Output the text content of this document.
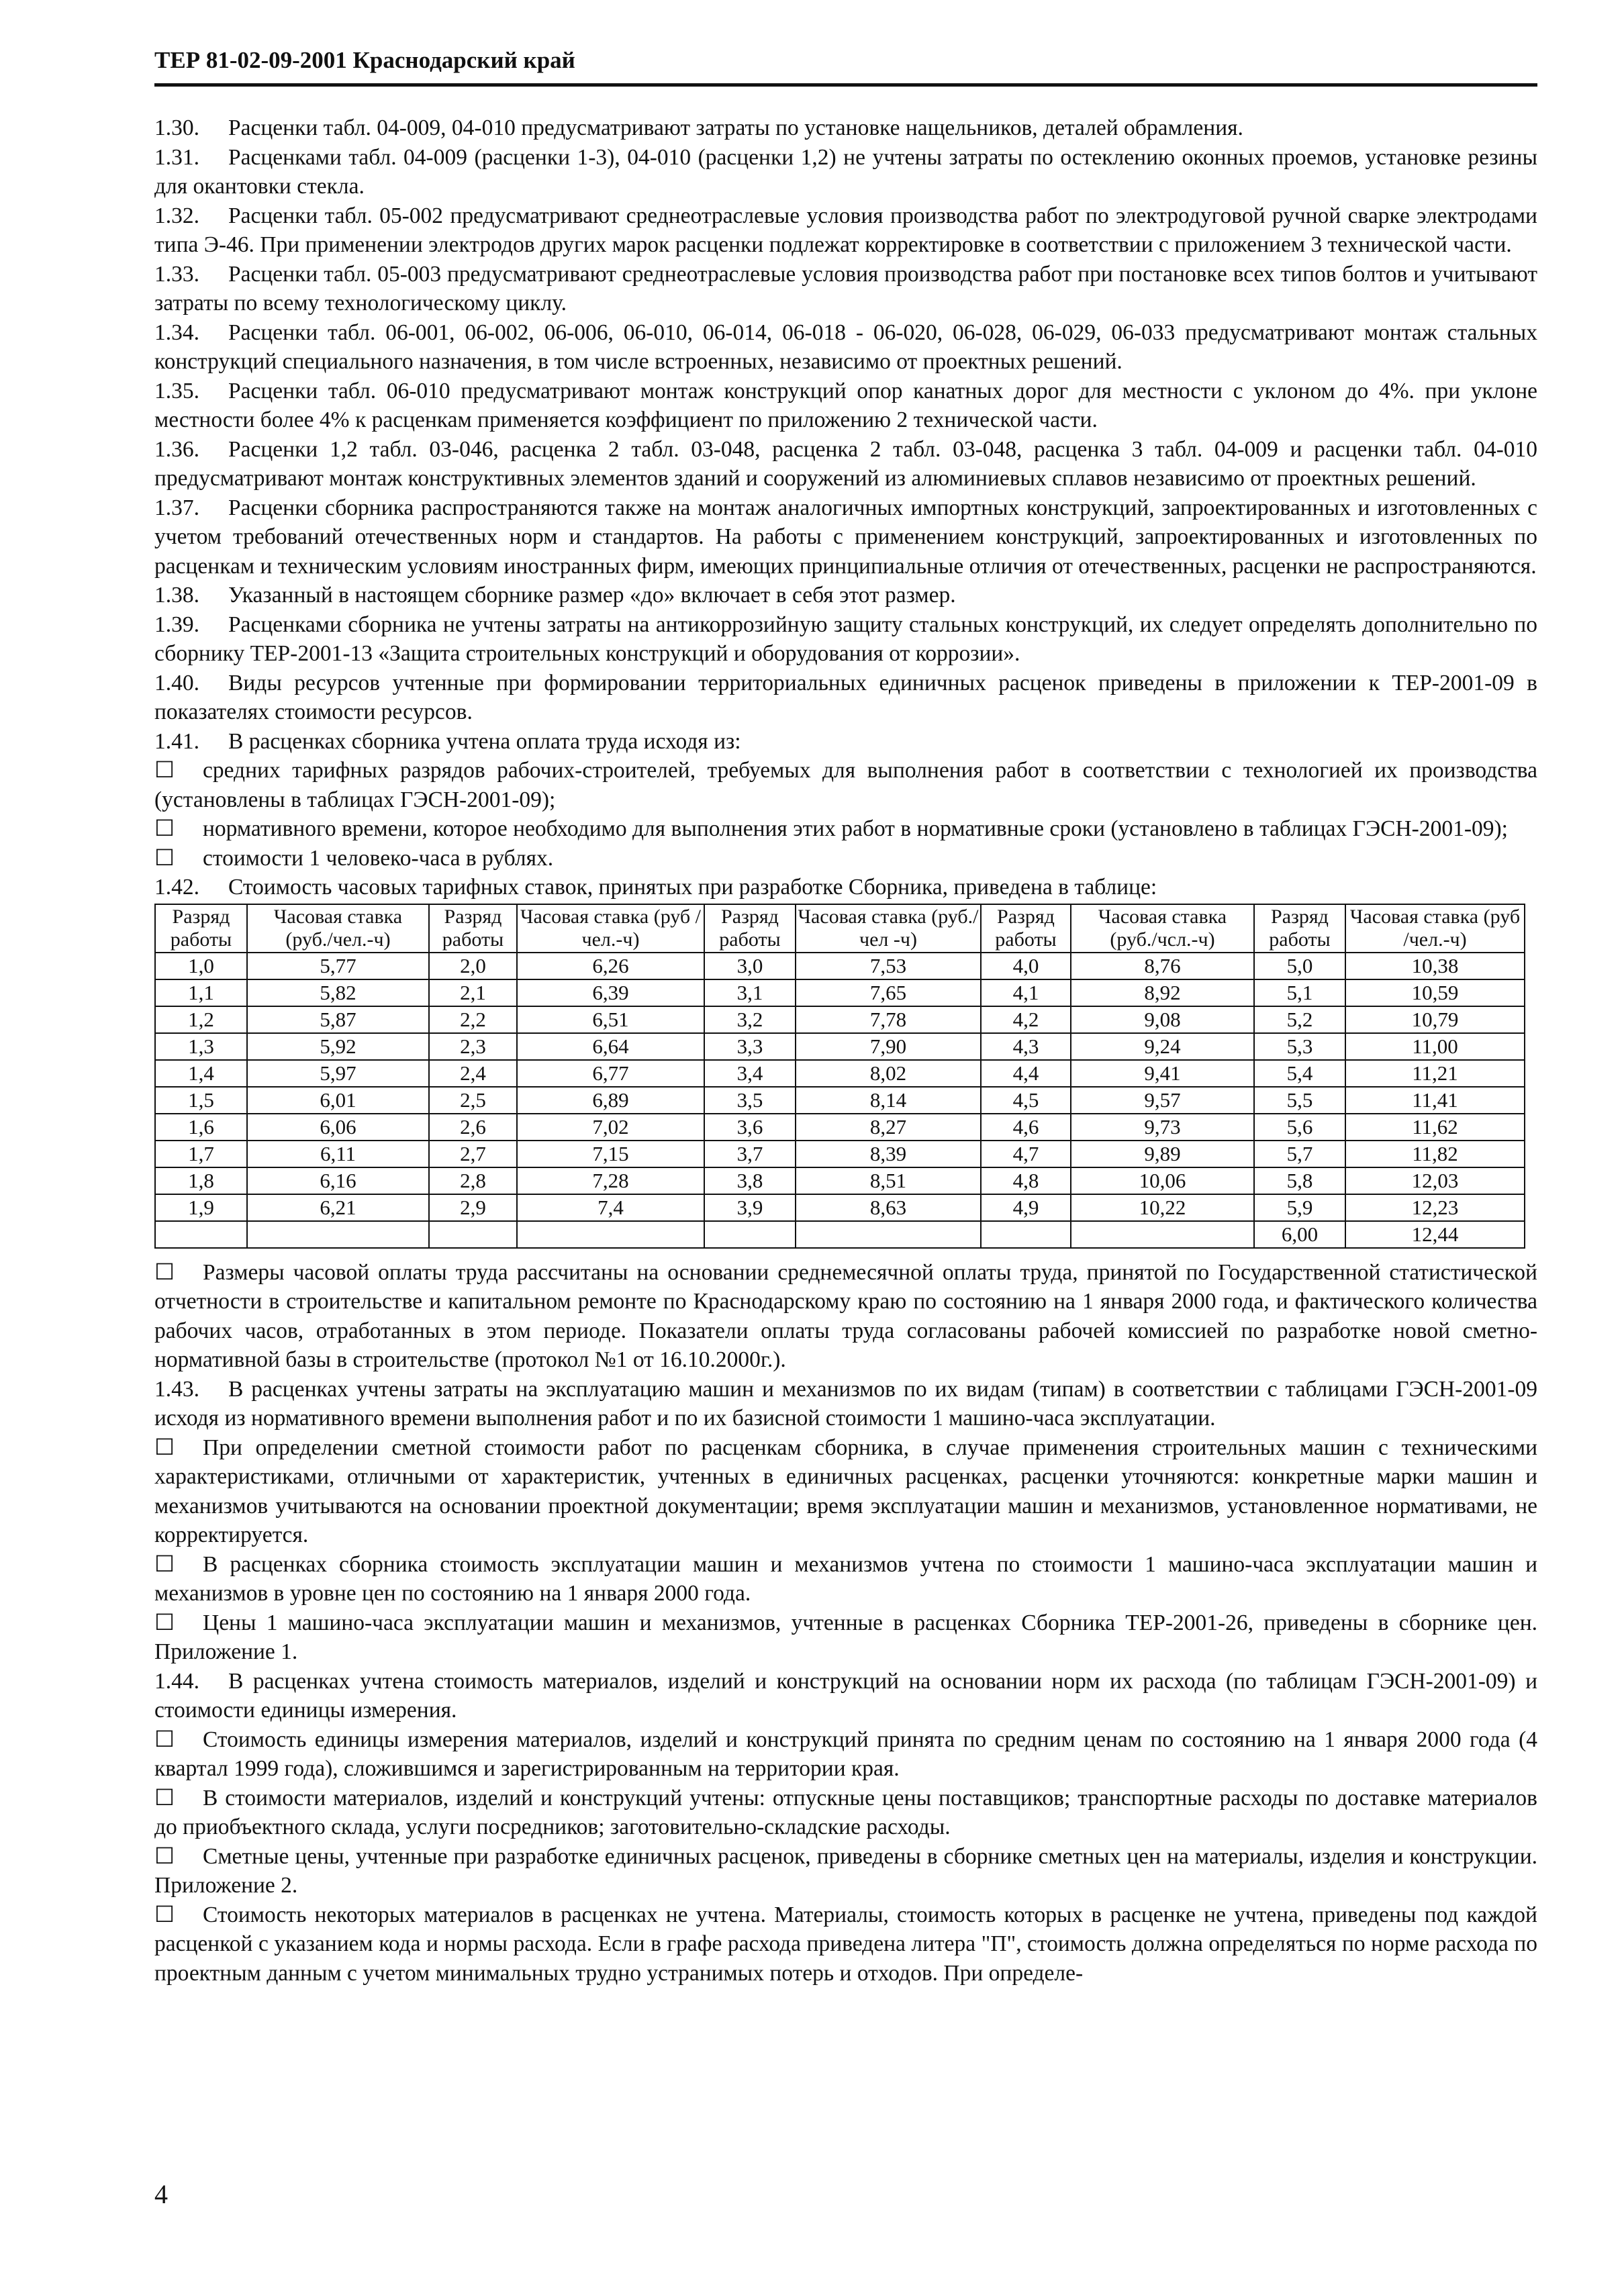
ТЕР 81-02-09-2001 Краснодарский край

1.30. Расценки табл. 04-009, 04-010 предусматривают затраты по установке нащельников, деталей обрамления.

1.31. Расценками табл. 04-009 (расценки 1-3), 04-010 (расценки 1,2) не учтены затраты по остеклению оконных проемов, установке резины для окантовки стекла.

1.32. Расценки табл. 05-002 предусматривают среднеотраслевые условия производства работ по электродуговой ручной сварке электродами типа Э-46. При применении электродов других марок расценки подлежат корректировке в соответствии с приложением 3 технической части.

1.33. Расценки табл. 05-003 предусматривают среднеотраслевые условия производства работ при постановке всех типов болтов и учитывают затраты по всему технологическому циклу.

1.34. Расценки табл. 06-001, 06-002, 06-006, 06-010, 06-014, 06-018 - 06-020, 06-028, 06-029, 06-033 предусматривают монтаж стальных конструкций специального назначения, в том числе встроенных, независимо от проектных решений.

1.35. Расценки табл. 06-010 предусматривают монтаж конструкций опор канатных дорог для местности с уклоном до 4%. при уклоне местности более 4% к расценкам применяется коэффициент по приложению 2 технической части.

1.36. Расценки 1,2 табл. 03-046, расценка 2 табл. 03-048, расценка 2 табл. 03-048, расценка 3 табл. 04-009 и расценки табл. 04-010 предусматривают монтаж конструктивных элементов зданий и сооружений из алюминиевых сплавов независимо от проектных решений.

1.37. Расценки сборника распространяются также на монтаж аналогичных импортных конструкций, запроектированных и изготовленных с учетом требований отечественных норм и стандартов. На работы с применением конструкций, запроектированных и изготовленных по расценкам и техническим условиям иностранных фирм, имеющих принципиальные отличия от отечественных, расценки не распространяются.

1.38. Указанный в настоящем сборнике размер «до» включает в себя этот размер.

1.39. Расценками сборника не учтены затраты на антикоррозийную защиту стальных конструкций, их следует определять дополнительно по сборнику ТЕР-2001-13 «Защита строительных конструкций и оборудования от коррозии».

1.40. Виды ресурсов учтенные при формировании территориальных единичных расценок приведены в приложении к ТЕР-2001-09 в показателях стоимости ресурсов.

1.41. В расценках сборника учтена оплата труда исходя из:

☐ средних тарифных разрядов рабочих-строителей, требуемых для выполнения работ в соответствии с технологией их производства (установлены в таблицах ГЭСН-2001-09);

☐ нормативного времени, которое необходимо для выполнения этих работ в нормативные сроки (установлено в таблицах ГЭСН-2001-09);

☐ стоимости 1 человеко-часа в рублях.

1.42. Стоимость часовых тарифных ставок, принятых при разработке Сборника, приведена в таблице:

Разряд работы	Часовая ставка (руб./чел.-ч)	Разряд работы	Часовая ставка (руб /чел.-ч)	Разряд работы	Часовая ставка (руб./чел -ч)	Разряд работы	Часовая ставка (руб./чсл.-ч)	Разряд работы	Часовая ставка (руб /чел.-ч)
1,0	5,77	2,0	6,26	3,0	7,53	4,0	8,76	5,0	10,38
1,1	5,82	2,1	6,39	3,1	7,65	4,1	8,92	5,1	10,59
1,2	5,87	2,2	6,51	3,2	7,78	4,2	9,08	5,2	10,79
1,3	5,92	2,3	6,64	3,3	7,90	4,3	9,24	5,3	11,00
1,4	5,97	2,4	6,77	3,4	8,02	4,4	9,41	5,4	11,21
1,5	6,01	2,5	6,89	3,5	8,14	4,5	9,57	5,5	11,41
1,6	6,06	2,6	7,02	3,6	8,27	4,6	9,73	5,6	11,62
1,7	6,11	2,7	7,15	3,7	8,39	4,7	9,89	5,7	11,82
1,8	6,16	2,8	7,28	3,8	8,51	4,8	10,06	5,8	12,03
1,9	6,21	2,9	7,4	3,9	8,63	4,9	10,22	5,9	12,23
								6,00	12,44

☐ Размеры часовой оплаты труда рассчитаны на основании среднемесячной оплаты труда, принятой по Государственной статистической отчетности в строительстве и капитальном ремонте по Краснодарскому краю по состоянию на 1 января 2000 года, и фактического количества рабочих часов, отработанных в этом периоде. Показатели оплаты труда согласованы рабочей комиссией по разработке новой сметно-нормативной базы в строительстве (протокол №1 от 16.10.2000г.).

1.43. В расценках учтены затраты на эксплуатацию машин и механизмов по их видам (типам) в соответствии с таблицами ГЭСН-2001-09 исходя из нормативного времени выполнения работ и по их базисной стоимости 1 машино-часа эксплуатации.

☐ При определении сметной стоимости работ по расценкам сборника, в случае применения строительных машин с техническими характеристиками, отличными от характеристик, учтенных в единичных расценках, расценки уточняются: конкретные марки машин и механизмов учитываются на основании проектной документации; время эксплуатации машин и механизмов, установленное нормативами, не корректируется.

☐ В расценках сборника стоимость эксплуатации машин и механизмов учтена по стоимости 1 машино-часа эксплуатации машин и механизмов в уровне цен по состоянию на 1 января 2000 года.

☐ Цены 1 машино-часа эксплуатации машин и механизмов, учтенные в расценках Сборника ТЕР-2001-26, приведены в сборнике цен. Приложение 1.

1.44. В расценках учтена стоимость материалов, изделий и конструкций на основании норм их расхода (по таблицам ГЭСН-2001-09) и стоимости единицы измерения.

☐ Стоимость единицы измерения материалов, изделий и конструкций принята по средним ценам по состоянию на 1 января 2000 года (4 квартал 1999 года), сложившимся и зарегистрированным на территории края.

☐ В стоимости материалов, изделий и конструкций учтены: отпускные цены поставщиков; транспортные расходы по доставке материалов до приобъектного склада, услуги посредников; заготовительно-складские расходы.

☐ Сметные цены, учтенные при разработке единичных расценок, приведены в сборнике сметных цен на материалы, изделия и конструкции. Приложение 2.

☐ Стоимость некоторых материалов в расценках не учтена. Материалы, стоимость которых в расценке не учтена, приведены под каждой расценкой с указанием кода и нормы расхода. Если в графе расхода приведена литера "П", стоимость должна определяться по норме расхода по проектным данным с учетом минимальных трудно устранимых потерь и отходов. При определе-

4
